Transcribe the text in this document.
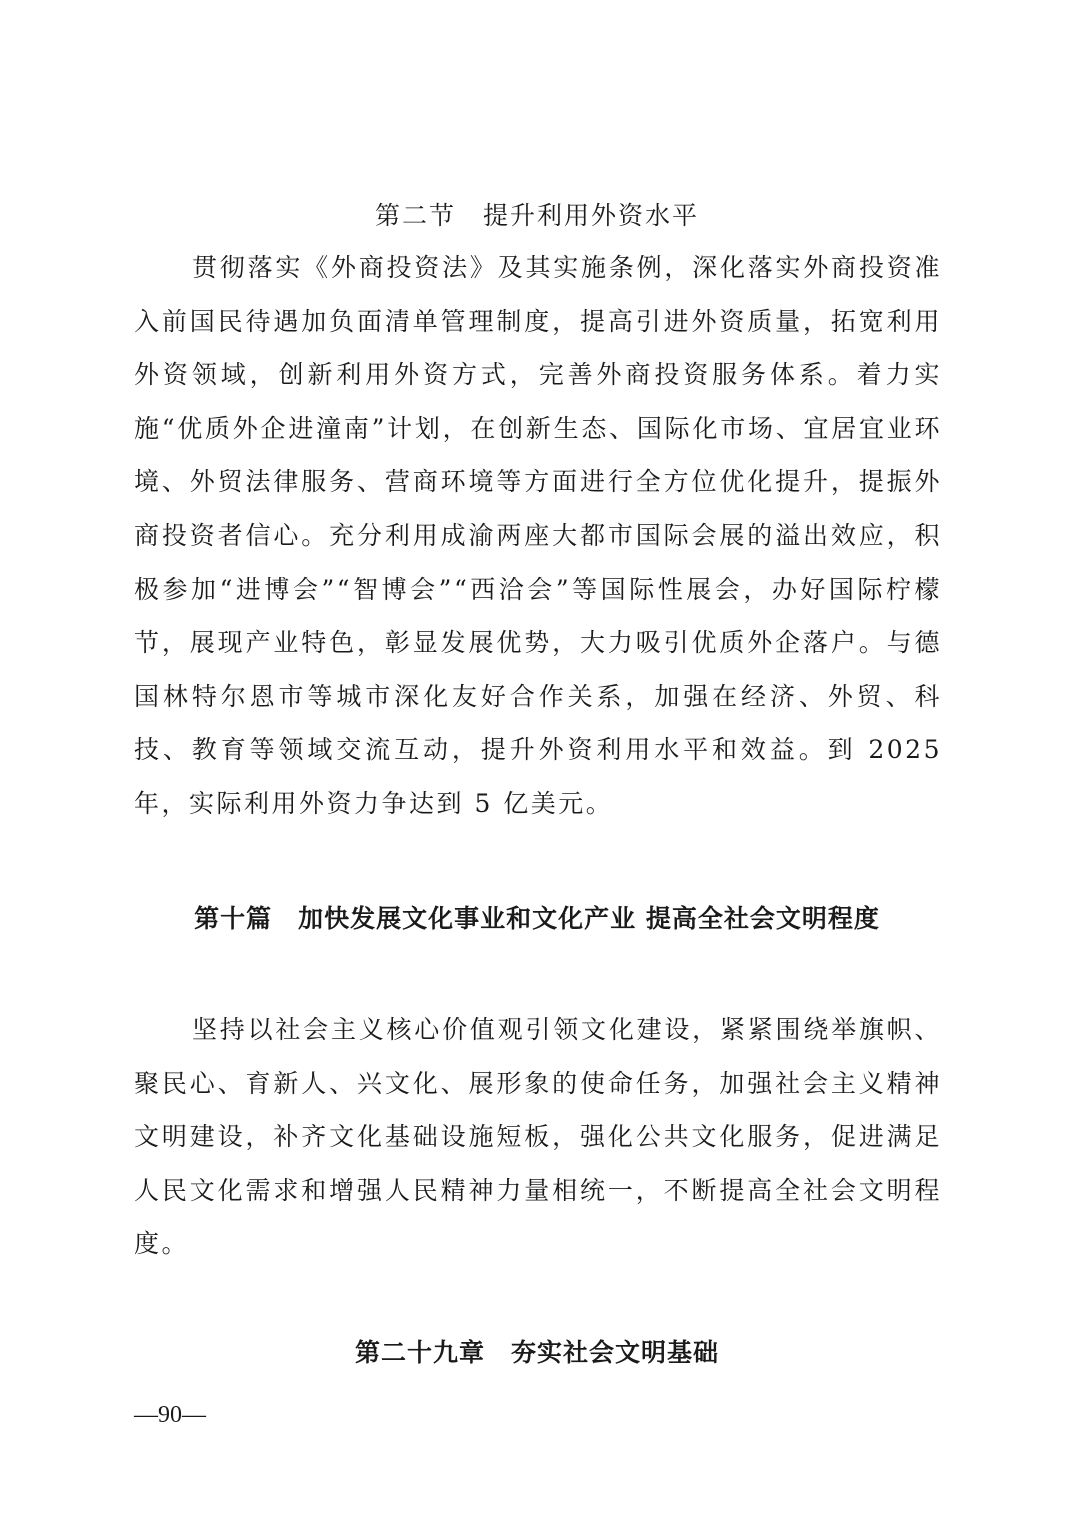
第二节　提升利用外资水平

贯彻落实《外商投资法》及其实施条例，深化落实外商投资准入前国民待遇加负面清单管理制度，提高引进外资质量，拓宽利用外资领域，创新利用外资方式，完善外商投资服务体系。着力实施“优质外企进潼南”计划，在创新生态、国际化市场、宜居宜业环境、外贸法律服务、营商环境等方面进行全方位优化提升，提振外商投资者信心。充分利用成渝两座大都市国际会展的溢出效应，积极参加“进博会”“智博会”“西洽会”等国际性展会，办好国际柠檬节，展现产业特色，彰显发展优势，大力吸引优质外企落户。与德国林特尔恩市等城市深化友好合作关系，加强在经济、外贸、科技、教育等领域交流互动，提升外资利用水平和效益。到 2025 年，实际利用外资力争达到 5 亿美元。

第十篇　加快发展文化事业和文化产业 提高全社会文明程度

坚持以社会主义核心价值观引领文化建设，紧紧围绕举旗帜、聚民心、育新人、兴文化、展形象的使命任务，加强社会主义精神文明建设，补齐文化基础设施短板，强化公共文化服务，促进满足人民文化需求和增强人民精神力量相统一，不断提高全社会文明程度。

第二十九章　夯实社会文明基础
—90—
